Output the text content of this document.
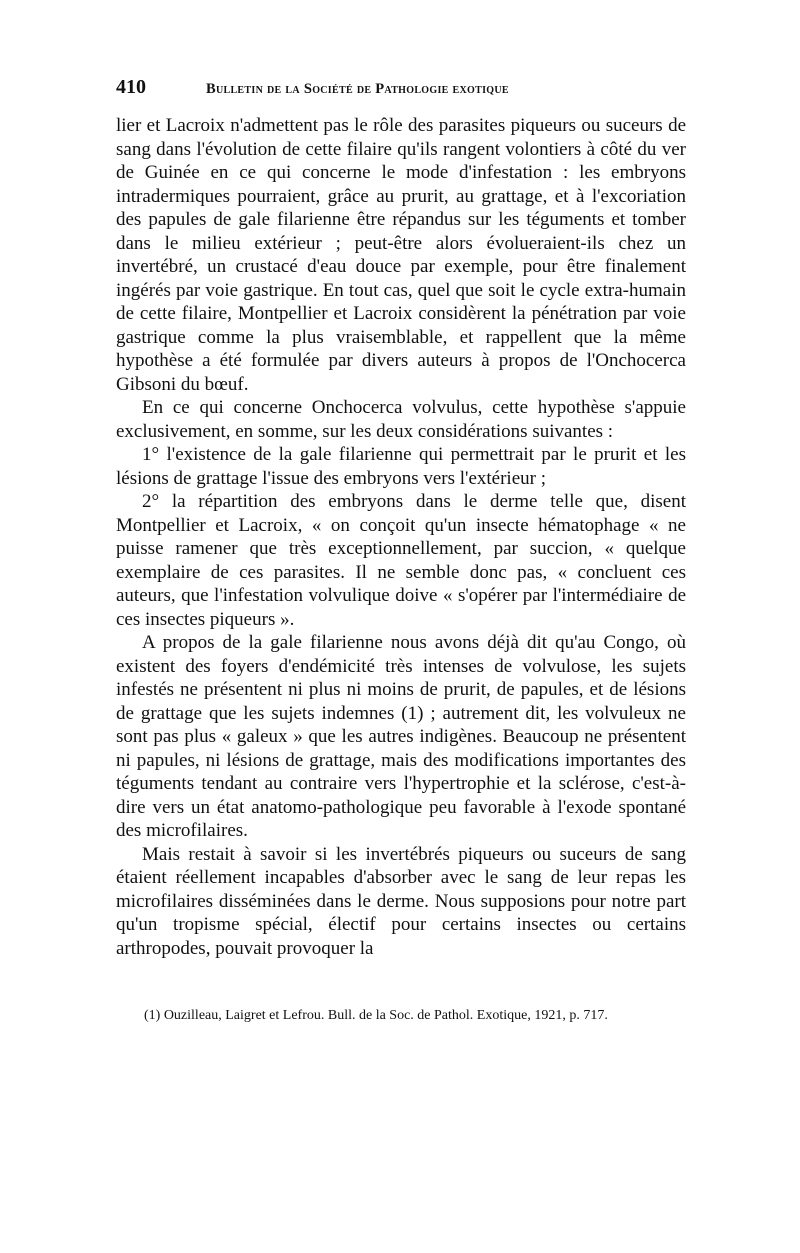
410	Bulletin de la Société de Pathologie exotique

lier et Lacroix n'admettent pas le rôle des parasites piqueurs ou suceurs de sang dans l'évolution de cette filaire qu'ils rangent volontiers à côté du ver de Guinée en ce qui concerne le mode d'infestation : les embryons intradermiques pourraient, grâce au prurit, au grattage, et à l'excoriation des papules de gale filarienne être répandus sur les téguments et tomber dans le milieu extérieur ; peut-être alors évolueraient-ils chez un invertébré, un crustacé d'eau douce par exemple, pour être finalement ingérés par voie gastrique. En tout cas, quel que soit le cycle extra-humain de cette filaire, Montpellier et Lacroix considèrent la pénétration par voie gastrique comme la plus vraisemblable, et rappellent que la même hypothèse a été formulée par divers auteurs à propos de l'Onchocerca Gibsoni du bœuf.

En ce qui concerne Onchocerca volvulus, cette hypothèse s'appuie exclusivement, en somme, sur les deux considérations suivantes :

1° l'existence de la gale filarienne qui permettrait par le prurit et les lésions de grattage l'issue des embryons vers l'extérieur ;

2° la répartition des embryons dans le derme telle que, disent Montpellier et Lacroix, « on conçoit qu'un insecte hématophage « ne puisse ramener que très exceptionnellement, par succion, « quelque exemplaire de ces parasites. Il ne semble donc pas, « concluent ces auteurs, que l'infestation volvulique doive « s'opérer par l'intermédiaire de ces insectes piqueurs ».

A propos de la gale filarienne nous avons déjà dit qu'au Congo, où existent des foyers d'endémicité très intenses de volvulose, les sujets infestés ne présentent ni plus ni moins de prurit, de papules, et de lésions de grattage que les sujets indemnes (1) ; autrement dit, les volvuleux ne sont pas plus « galeux » que les autres indigènes. Beaucoup ne présentent ni papules, ni lésions de grattage, mais des modifications importantes des téguments tendant au contraire vers l'hypertrophie et la sclérose, c'est-à-dire vers un état anatomo-pathologique peu favorable à l'exode spontané des microfilaires.

Mais restait à savoir si les invertébrés piqueurs ou suceurs de sang étaient réellement incapables d'absorber avec le sang de leur repas les microfilaires disséminées dans le derme. Nous supposions pour notre part qu'un tropisme spécial, électif pour certains insectes ou certains arthropodes, pouvait provoquer la

(1) Ouzilleau, Laigret et Lefrou. Bull. de la Soc. de Pathol. Exotique, 1921, p. 717.
